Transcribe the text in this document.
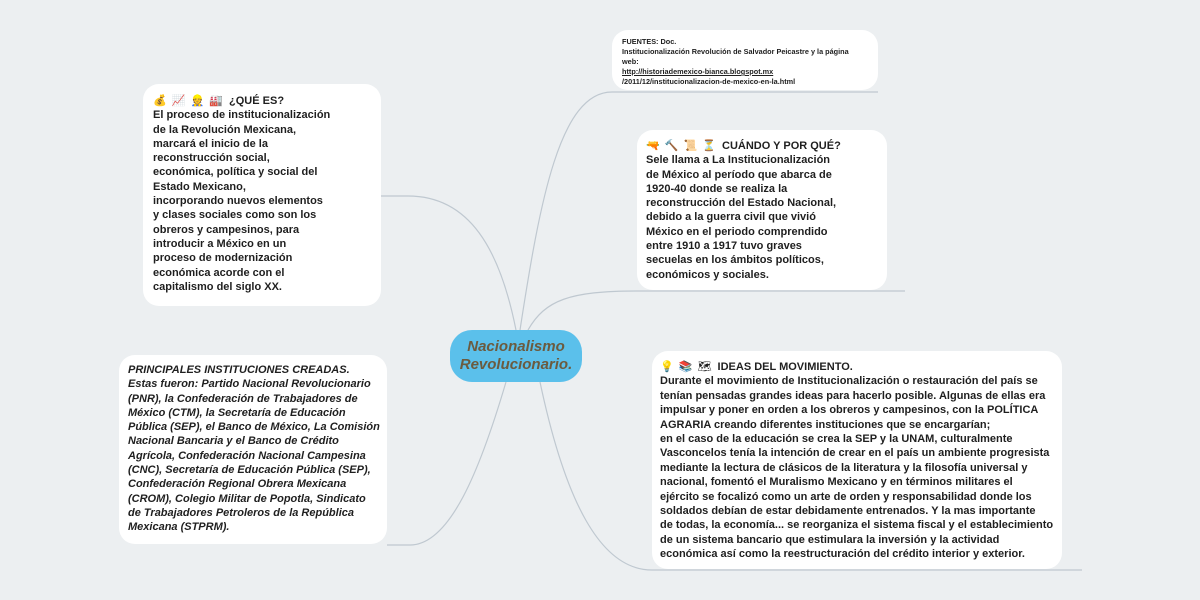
Nacionalismo
Revolucionario.
💰 📈 👷 🏭 ¿QUÉ ES?
El proceso de institucionalización
de la Revolución Mexicana,
marcará el inicio de la
reconstrucción social,
económica, política y social del
Estado Mexicano,
incorporando nuevos elementos
y clases sociales como son los
obreros y campesinos, para
introducir a México en un
proceso de modernización
económica acorde con el
capitalismo del siglo XX.
FUENTES: Doc.
Institucionalización Revolución de Salvador Peicastre y la página
web:
http://historiademexico-bianca.blogspot.mx
/2011/12/institucionalizacion-de-mexico-en-la.html
🔫 🔨 📜 ⏳ CUÁNDO Y POR QUÉ?
Sele llama a La Institucionalización
de México al período que abarca de
1920-40 donde se realiza la
reconstrucción del Estado Nacional,
debido a la guerra civil que vivió
México en el periodo comprendido
entre 1910 a 1917 tuvo graves
secuelas en los ámbitos políticos,
económicos y sociales.
PRINCIPALES INSTITUCIONES CREADAS.
Estas fueron: Partido Nacional Revolucionario
(PNR), la Confederación de Trabajadores de
México (CTM), la Secretaría de Educación
Pública (SEP), el Banco de México, La Comisión
Nacional Bancaria y el Banco de Crédito
Agrícola, Confederación Nacional Campesina
(CNC), Secretaría de Educación Pública (SEP),
Confederación Regional Obrera Mexicana
(CROM), Colegio Militar de Popotla, Sindicato
de Trabajadores Petroleros de la República
Mexicana (STPRM).
💡 📚 🗺 IDEAS DEL MOVIMIENTO.
Durante el movimiento de Institucionalización o restauración del país se
tenían pensadas grandes ideas para hacerlo posible. Algunas de ellas era
impulsar y poner en orden a los obreros y campesinos, con la POLÍTICA
AGRARIA creando diferentes instituciones que se encargarían;
en el caso de la educación se crea la SEP y la UNAM, culturalmente
Vasconcelos tenía la intención de crear en el país un ambiente progresista
mediante la lectura de clásicos de la literatura y la filosofía universal y
nacional, fomentó el Muralismo Mexicano y en términos militares el
ejército se focalizó como un arte de orden y responsabilidad donde los
soldados debían de estar debidamente entrenados. Y la mas importante
de todas, la economía... se reorganiza el sistema fiscal y el establecimiento
de un sistema bancario que estimulara la inversión y la actividad
económica así como la reestructuración del crédito interior y exterior.
